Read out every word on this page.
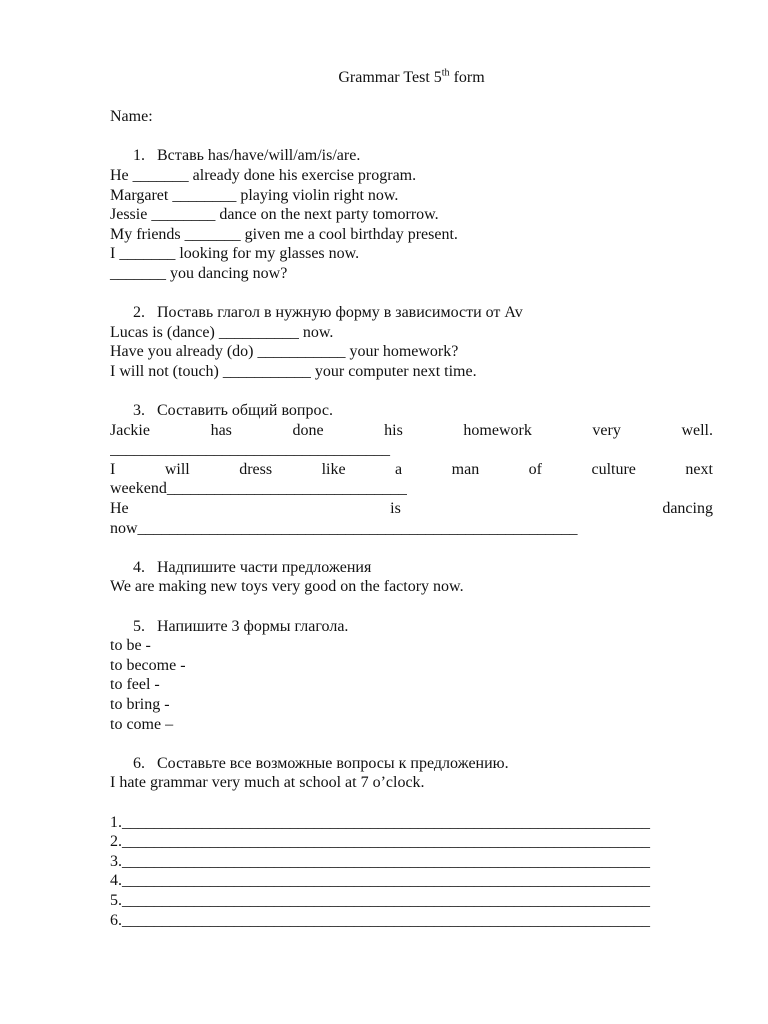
Grammar Test 5th form
Name:
1. Вставь has/have/will/am/is/are.
He _______ already done his exercise program.
Margaret ________ playing violin right now.
Jessie ________ dance on the next party tomorrow.
My friends _______ given me a cool birthday present.
I _______ looking for my glasses now.
_______ you dancing now?
2. Поставь глагол в нужную форму в зависимости от Av
Lucas is (dance) __________ now.
Have you already (do) ___________ your homework?
I will not (touch) ___________ your computer next time.
3. Составить общий вопрос.
Jackie	has	done	his	homework	very	well.
___________________________________
I	will	dress	like	a	man	of	culture	next
weekend______________________________
He	is	dancing
now_______________________________________________________
4. Надпишите части предложения
We are making new toys very good on the factory now.
5. Напишите 3 формы глагола.
to be -
to become -
to feel -
to bring -
to come –
6. Составьте все возможные вопросы к предложению.
I hate grammar very much at school at 7 o’clock.
1.__________________________________________________________________
2.__________________________________________________________________
3.__________________________________________________________________
4.__________________________________________________________________
5.__________________________________________________________________
6.__________________________________________________________________
